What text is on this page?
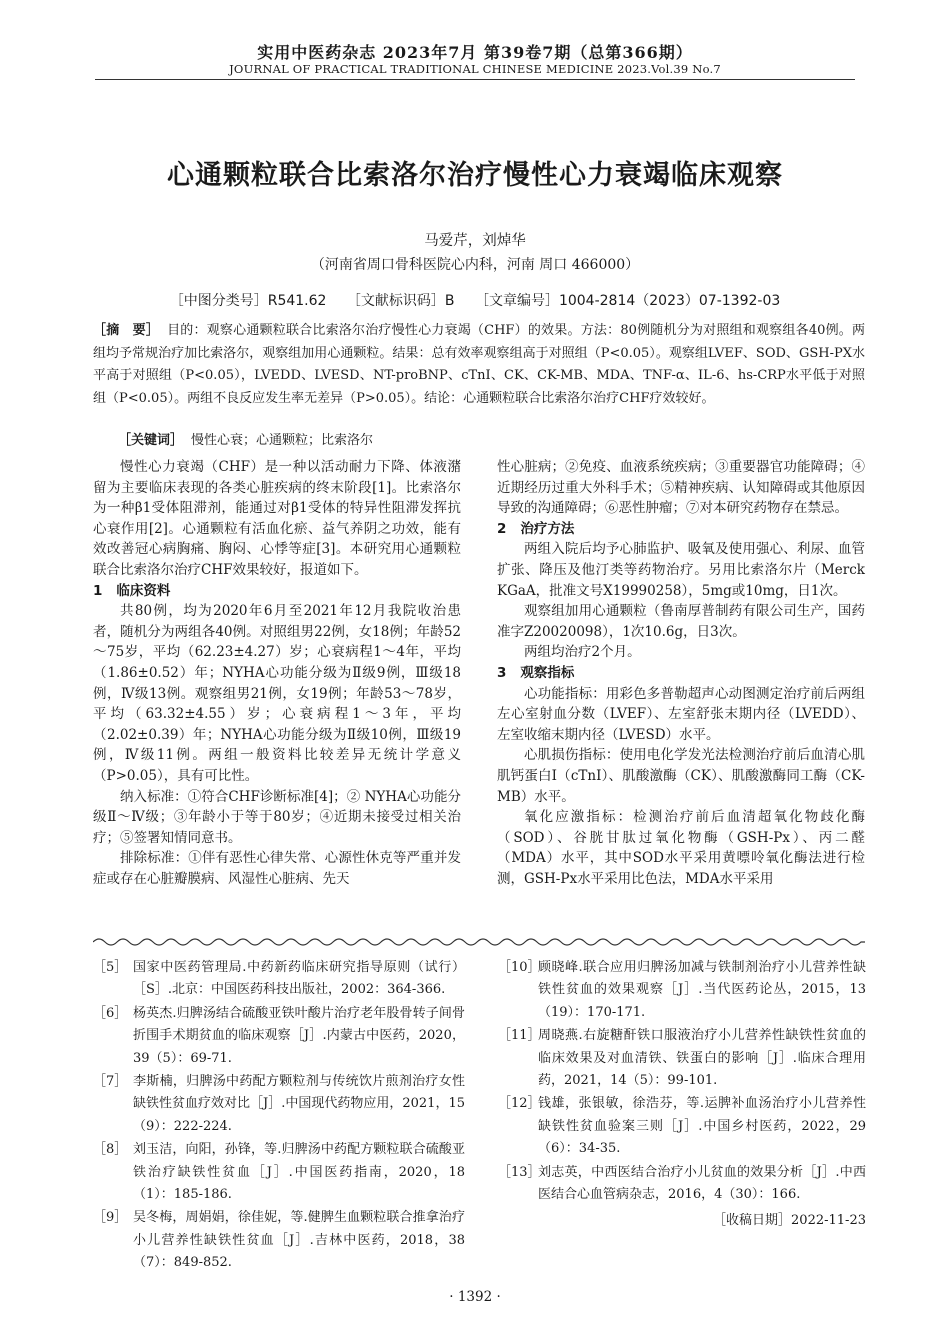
实用中医药杂志 2023年7月 第39卷7期（总第366期）
JOURNAL OF PRACTICAL TRADITIONAL CHINESE MEDICINE 2023.Vol.39 No.7
心通颗粒联合比索洛尔治疗慢性心力衰竭临床观察
马爱芹，刘焯华
（河南省周口骨科医院心内科，河南 周口 466000）
［中图分类号］R541.62 ［文献标识码］B ［文章编号］1004-2814（2023）07-1392-03
［摘　要］ 目的：观察心通颗粒联合比索洛尔治疗慢性心力衰竭（CHF）的效果。方法：80例随机分为对照组和观察组各40例。两组均予常规治疗加比索洛尔，观察组加用心通颗粒。结果：总有效率观察组高于对照组（P<0.05）。观察组LVEF、SOD、GSH-PX水平高于对照组（P<0.05），LVEDD、LVESD、NT-proBNP、cTnI、CK、CK-MB、MDA、TNF-α、IL-6、hs-CRP水平低于对照组（P<0.05）。两组不良反应发生率无差异（P>0.05）。结论：心通颗粒联合比索洛尔治疗CHF疗效较好。
［关键词］ 慢性心衰；心通颗粒；比索洛尔

慢性心力衰竭（CHF）是一种以活动耐力下降、体液潴留为主要临床表现的各类心脏疾病的终末阶段[1]。比索洛尔为一种β1受体阻滞剂，能通过对β1受体的特异性阻滞发挥抗心衰作用[2]。心通颗粒有活血化瘀、益气养阴之功效，能有效改善冠心病胸痛、胸闷、心悸等症[3]。本研究用心通颗粒联合比索洛尔治疗CHF效果较好，报道如下。

1 临床资料

共80例，均为2020年6月至2021年12月我院收治患者，随机分为两组各40例。对照组男22例，女18例；年龄52～75岁，平均（62.23±4.27）岁；心衰病程1～4年，平均（1.86±0.52）年；NYHA心功能分级为Ⅱ级9例，Ⅲ级18例，Ⅳ级13例。观察组男21例，女19例；年龄53～78岁，平均（63.32±4.55）岁；心衰病程1～3年，平均（2.02±0.39）年；NYHA心功能分级为Ⅱ级10例，Ⅲ级19例，Ⅳ级11例。两组一般资料比较差异无统计学意义（P>0.05），具有可比性。

纳入标准：①符合CHF诊断标准[4]；② NYHA心功能分级Ⅱ～Ⅳ级；③年龄小于等于80岁；④近期未接受过相关治疗；⑤签署知情同意书。

排除标准：①伴有恶性心律失常、心源性休克等严重并发症或存在心脏瓣膜病、风湿性心脏病、先天

性心脏病；②免疫、血液系统疾病；③重要器官功能障碍；④近期经历过重大外科手术；⑤精神疾病、认知障碍或其他原因导致的沟通障碍；⑥恶性肿瘤；⑦对本研究药物存在禁忌。

2 治疗方法

两组入院后均予心肺监护、吸氧及使用强心、利尿、血管扩张、降压及他汀类等药物治疗。另用比索洛尔片（Merck KGaA，批准文号X19990258），5mg或10mg，日1次。

观察组加用心通颗粒（鲁南厚普制药有限公司生产，国药准字Z20020098），1次10.6g，日3次。

两组均治疗2个月。

3 观察指标

心功能指标：用彩色多普勒超声心动图测定治疗前后两组左心室射血分数（LVEF）、左室舒张末期内径（LVEDD）、左室收缩末期内径（LVESD）水平。

心肌损伤指标：使用电化学发光法检测治疗前后血清心肌肌钙蛋白I（cTnI）、肌酸激酶（CK）、肌酸激酶同工酶（CK-MB）水平。

氧化应激指标：检测治疗前后血清超氧化物歧化酶（SOD）、谷胱甘肽过氧化物酶（GSH-Px）、丙二醛（MDA）水平，其中SOD水平采用黄嘌呤氧化酶法进行检测，GSH-Px水平采用比色法，MDA水平采用

［5］ 国家中医药管理局.中药新药临床研究指导原则（试行）［S］.北京：中国医药科技出版社，2002：364-366.
［6］ 杨英杰.归脾汤结合硫酸亚铁叶酸片治疗老年股骨转子间骨折围手术期贫血的临床观察［J］.内蒙古中医药，2020，39（5）：69-71.
［7］ 李斯楠，归脾汤中药配方颗粒剂与传统饮片煎剂治疗女性缺铁性贫血疗效对比［J］.中国现代药物应用，2021，15（9）：222-224.
［8］ 刘玉洁，向阳，孙锋，等.归脾汤中药配方颗粒联合硫酸亚铁治疗缺铁性贫血［J］.中国医药指南，2020，18（1）：185-186.
［9］ 吴冬梅，周娟娟，徐佳妮，等.健脾生血颗粒联合推拿治疗小儿营养性缺铁性贫血［J］.吉林中医药，2018，38（7）：849-852.
［10］
顾晓峰.联合应用归脾汤加减与铁制剂治疗小儿营养性缺铁性贫血的效果观察［J］.当代医药论丛，2015，13（19）：170-171.
［11］
周晓燕.右旋糖酐铁口服液治疗小儿营养性缺铁性贫血的临床效果及对血清铁、铁蛋白的影响［J］.临床合理用药，2021，14（5）：99-101.
［12］
钱雄，张银敏，徐浩芬，等.运脾补血汤治疗小儿营养性缺铁性贫血验案三则［J］.中国乡村医药，2022，29（6）：34-35.
［13］
刘志英，中西医结合治疗小儿贫血的效果分析［J］.中西医结合心血管病杂志，2016，4（30）：166.
［收稿日期］2022-11-23
· 1392 ·
